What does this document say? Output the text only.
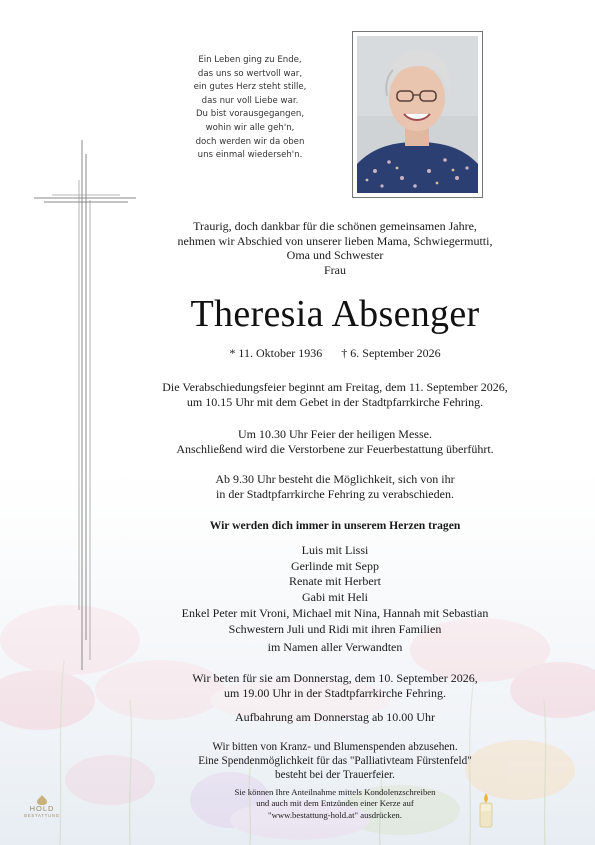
Ein Leben ging zu Ende,
das uns so wertvoll war,
ein gutes Herz steht stille,
das nur voll Liebe war.
Du bist vorausgegangen,
wohin wir alle geh'n,
doch werden wir da oben
uns einmal wiederseh'n.
Traurig, doch dankbar für die schönen gemeinsamen Jahre,
nehmen wir Abschied von unserer lieben Mama, Schwiegermutti,
Oma und Schwester
Frau
Theresia Absenger
* 11. Oktober 1936 † 6. September 2026
Die Verabschiedungsfeier beginnt am Freitag, dem 11. September 2026,
um 10.15 Uhr mit dem Gebet in der Stadtpfarrkirche Fehring.
Um 10.30 Uhr Feier der heiligen Messe.
Anschließend wird die Verstorbene zur Feuerbestattung überführt.
Ab 9.30 Uhr besteht die Möglichkeit, sich von ihr
in der Stadtpfarrkirche Fehring zu verabschieden.
Wir werden dich immer in unserem Herzen tragen
Luis mit Lissi
Gerlinde mit Sepp
Renate mit Herbert
Gabi mit Heli
Enkel Peter mit Vroni, Michael mit Nina, Hannah mit Sebastian
Schwestern Juli und Ridi mit ihren Familien
im Namen aller Verwandten
Wir beten für sie am Donnerstag, dem 10. September 2026,
um 19.00 Uhr in der Stadtpfarrkirche Fehring.
Aufbahrung am Donnerstag ab 10.00 Uhr
Wir bitten von Kranz- und Blumenspenden abzusehen.
Eine Spendenmöglichkeit für das "Palliativteam Fürstenfeld"
besteht bei der Trauerfeier.
Sie können Ihre Anteilnahme mittels Kondolenzschreiben
und auch mit dem Entzünden einer Kerze auf
"www.bestattung-hold.at" ausdrücken.
HOLD
BESTATTUNG
